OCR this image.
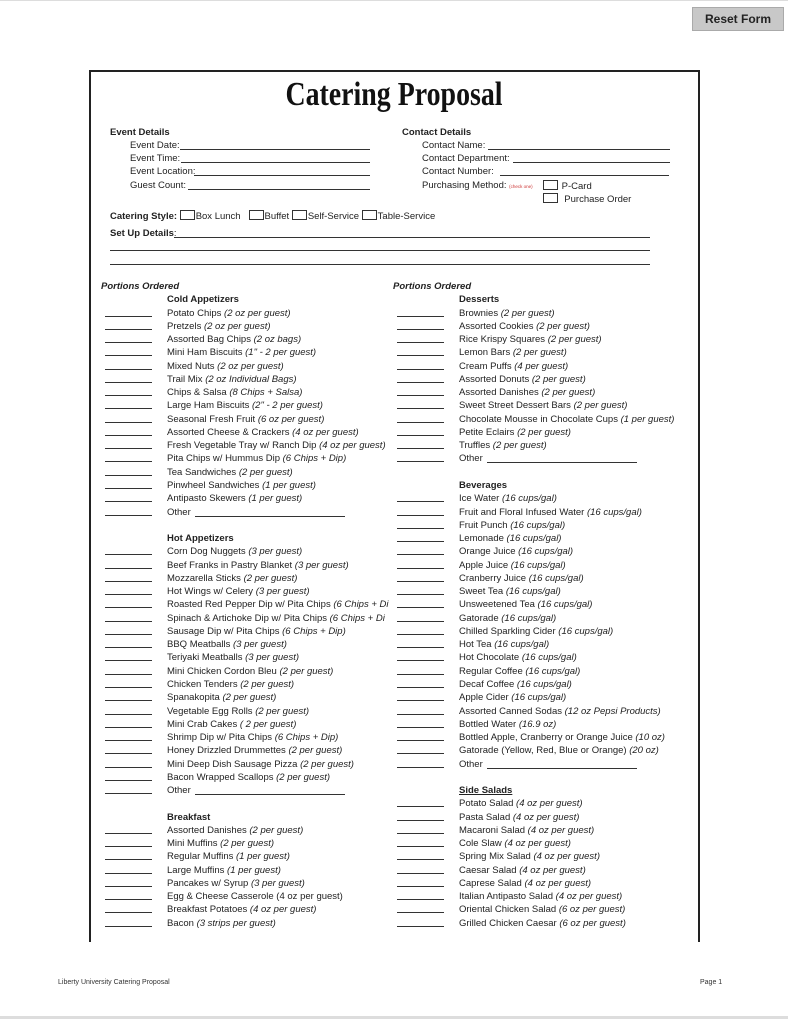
Reset Form
Catering Proposal
Event Details
Event Date:
Event Time:
Event Location:
Guest Count:
Contact Details
Contact Name:
Contact Department:
Contact Number:
Purchasing Method: (check one)	P-Card
Purchase Order
Catering Style: Box Lunch	Buffet Self-Service Table-Service
Set Up Details:
Portions Ordered
Cold Appetizers
Potato Chips (2 oz per guest)
Pretzels (2 oz per guest)
Assorted Bag Chips (2 oz bags)
Mini Ham Biscuits (1" - 2 per guest)
Mixed Nuts (2 oz per guest)
Trail Mix (2 oz Individual Bags)
Chips & Salsa (8 Chips + Salsa)
Large Ham Biscuits (2" - 2 per guest)
Seasonal Fresh Fruit (6 oz per guest)
Assorted Cheese & Crackers (4 oz per guest)
Fresh Vegetable Tray w/ Ranch Dip (4 oz per guest)
Pita Chips w/ Hummus Dip (6 Chips + Dip)
Tea Sandwiches (2 per guest)
Pinwheel Sandwiches (1 per guest)
Antipasto Skewers (1 per guest)
Other
Hot Appetizers
Corn Dog Nuggets (3 per guest)
Beef Franks in Pastry Blanket (3 per guest)
Mozzarella Sticks (2 per guest)
Hot Wings w/ Celery (3 per guest)
Roasted Red Pepper Dip w/ Pita Chips (6 Chips + Di
Spinach & Artichoke Dip w/ Pita Chips (6 Chips + Di
Sausage Dip w/ Pita Chips (6 Chips + Dip)
BBQ Meatballs (3 per guest)
Teriyaki Meatballs (3 per guest)
Mini Chicken Cordon Bleu (2 per guest)
Chicken Tenders (2 per guest)
Spanakopita (2 per guest)
Vegetable Egg Rolls (2 per guest)
Mini Crab Cakes ( 2 per guest)
Shrimp Dip w/ Pita Chips (6 Chips + Dip)
Honey Drizzled Drummettes (2 per guest)
Mini Deep Dish Sausage Pizza (2 per guest)
Bacon Wrapped Scallops (2 per guest)
Other
Breakfast
Assorted Danishes (2 per guest)
Mini Muffins (2 per guest)
Regular Muffins (1 per guest)
Large Muffins (1 per guest)
Pancakes w/ Syrup (3 per guest)
Egg & Cheese Casserole (4 oz per guest)
Breakfast Potatoes (4 oz per guest)
Bacon (3 strips per guest)
Portions Ordered
Desserts
Brownies (2 per guest)
Assorted Cookies (2 per guest)
Rice Krispy Squares (2 per guest)
Lemon Bars (2 per guest)
Cream Puffs (4 per guest)
Assorted Donuts (2 per guest)
Assorted Danishes (2 per guest)
Sweet Street Dessert Bars (2 per guest)
Chocolate Mousse in Chocolate Cups (1 per guest)
Petite Eclairs (2 per guest)
Truffles (2 per guest)
Other
Beverages
Ice Water (16 cups/gal)
Fruit and Floral Infused Water (16 cups/gal)
Fruit Punch (16 cups/gal)
Lemonade (16 cups/gal)
Orange Juice (16 cups/gal)
Apple Juice (16 cups/gal)
Cranberry Juice (16 cups/gal)
Sweet Tea (16 cups/gal)
Unsweetened Tea (16 cups/gal)
Gatorade (16 cups/gal)
Chilled Sparkling Cider (16 cups/gal)
Hot Tea (16 cups/gal)
Hot Chocolate (16 cups/gal)
Regular Coffee (16 cups/gal)
Decaf Coffee (16 cups/gal)
Apple Cider (16 cups/gal)
Assorted Canned Sodas (12 oz Pepsi Products)
Bottled Water (16.9 oz)
Bottled Apple, Cranberry or Orange Juice (10 oz)
Gatorade (Yellow, Red, Blue or Orange) (20 oz)
Other
Side Salads
Potato Salad (4 oz per guest)
Pasta Salad (4 oz per guest)
Macaroni Salad (4 oz per guest)
Cole Slaw (4 oz per guest)
Spring Mix Salad (4 oz per guest)
Caesar Salad (4 oz per guest)
Caprese Salad (4 oz per guest)
Italian Antipasto Salad (4 oz per guest)
Oriental Chicken Salad (6 oz per guest)
Grilled Chicken Caesar (6 oz per guest)
Liberty University Catering Proposal	Page 1
